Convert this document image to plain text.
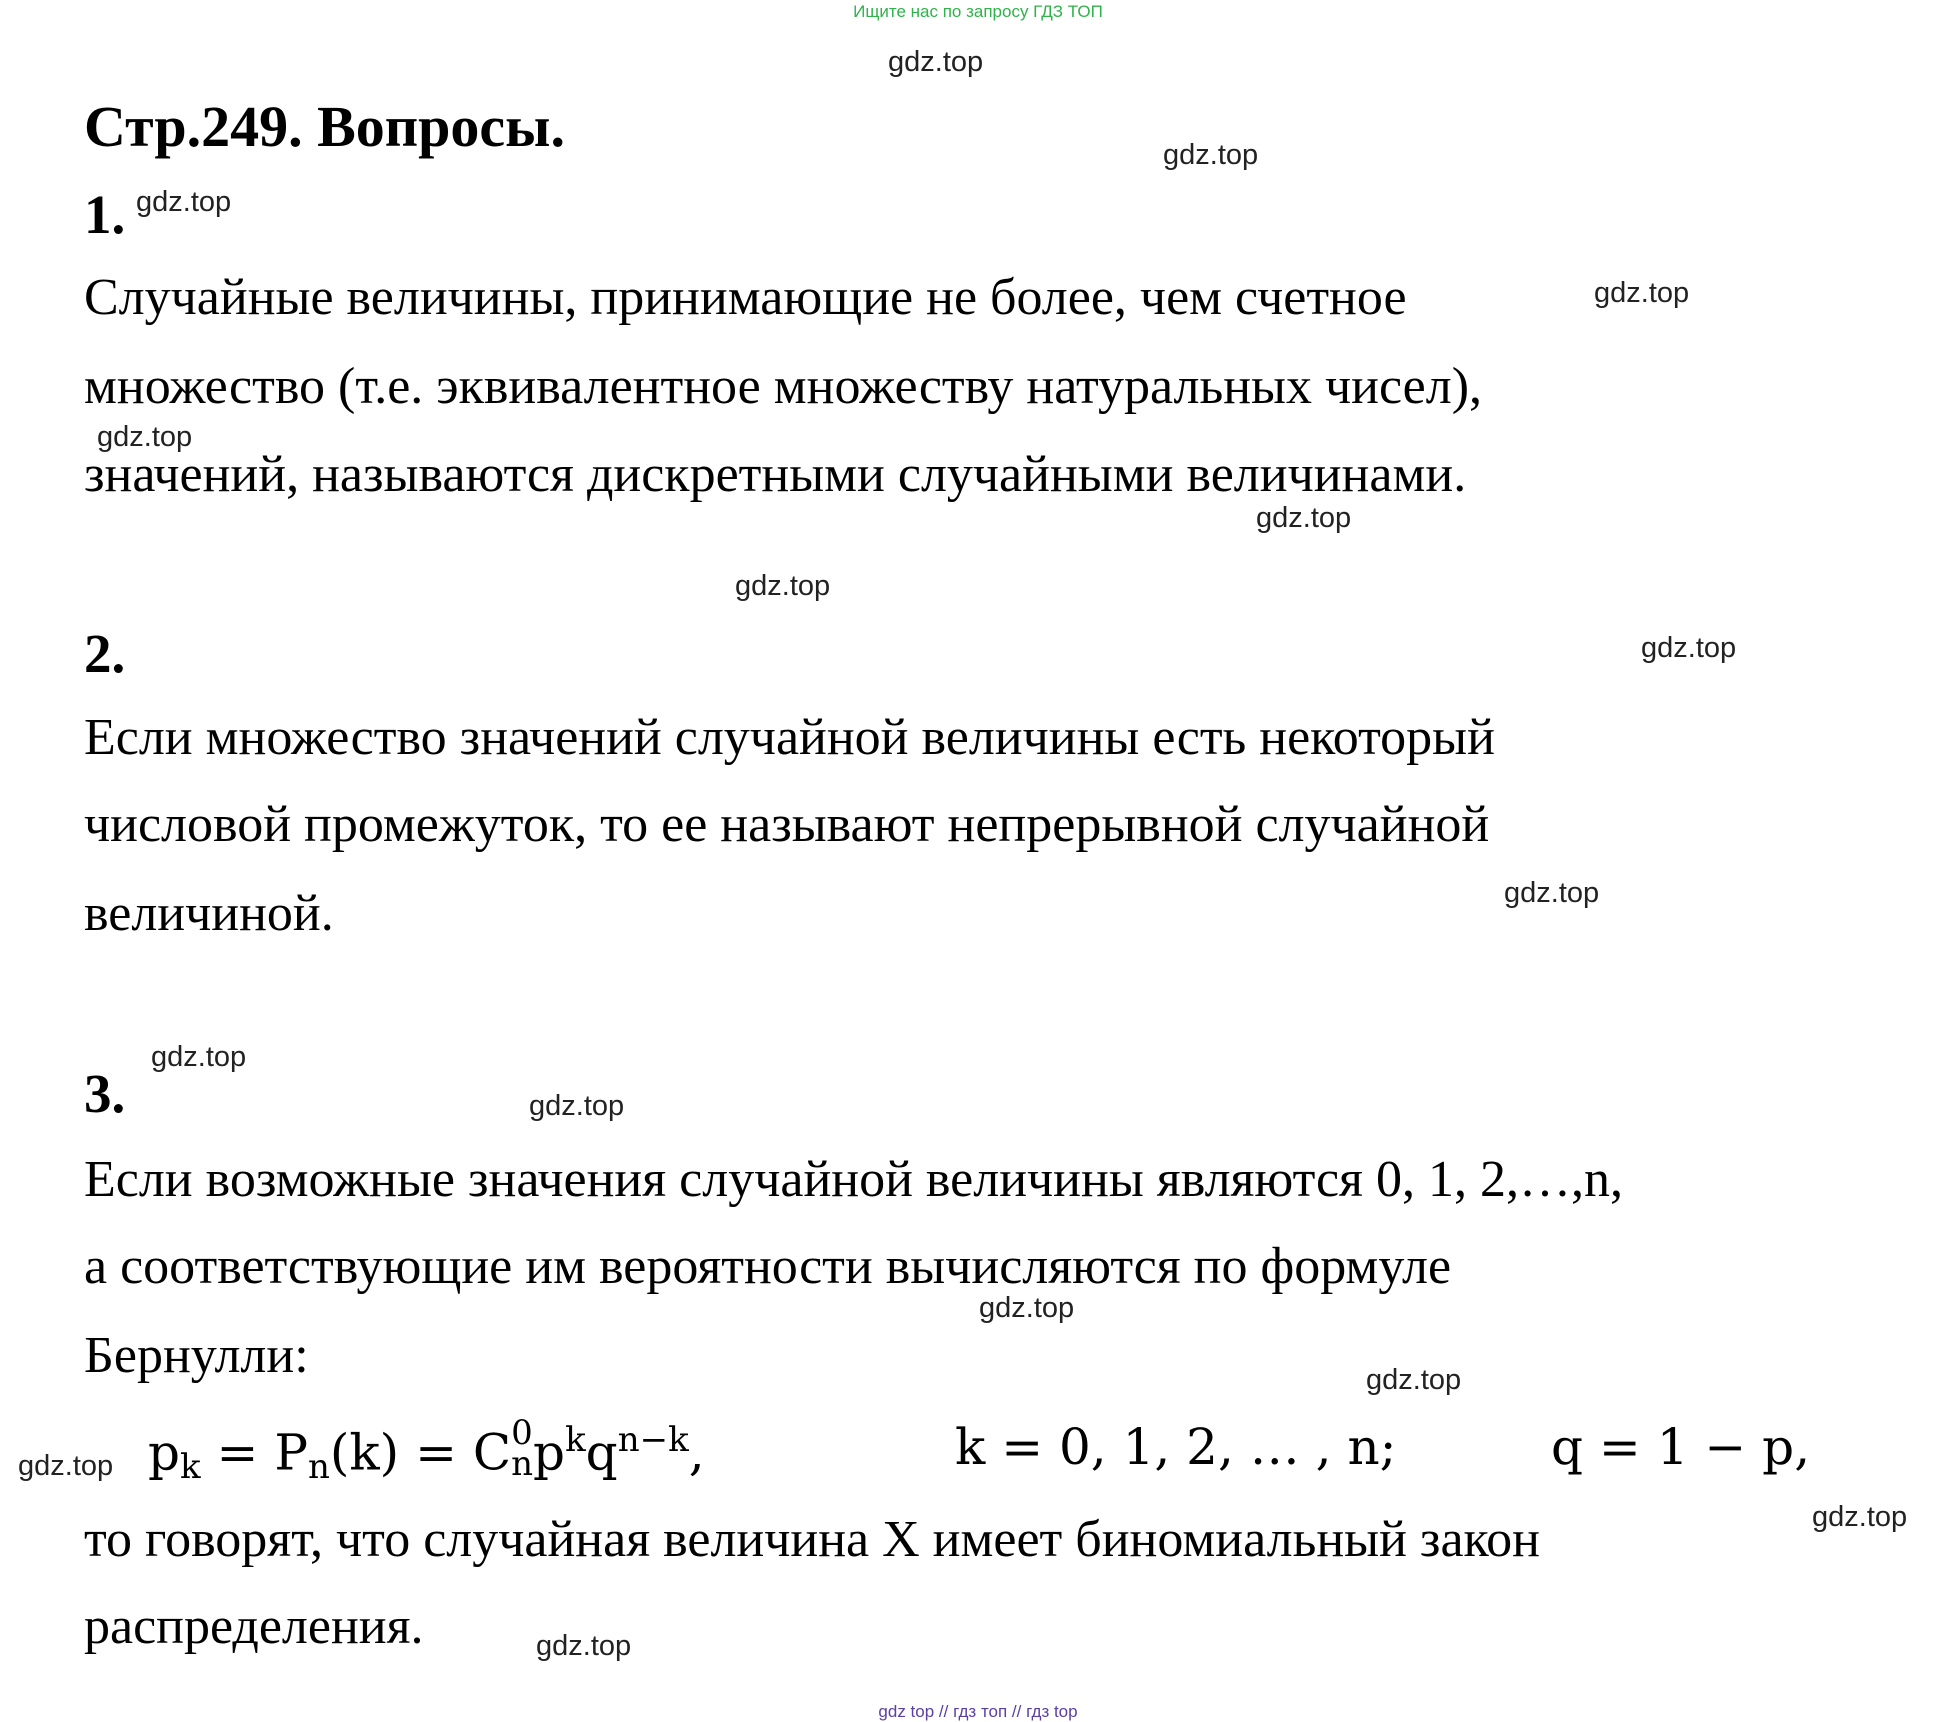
Ищите нас по запросу ГДЗ ТОП
gdz.top
gdz.top
gdz.top
gdz.top
gdz.top
gdz.top
gdz.top
gdz.top
gdz.top
gdz.top
gdz.top
gdz.top
gdz.top
gdz.top
gdz.top
gdz.top
Стр.249. Вопросы.
1.
Случайные величины, принимающие не более, чем счетное
множество (т.е. эквивалентное множеству натуральных чисел),
значений, называются дискретными случайными величинами.
2.
Если множество значений случайной величины есть некоторый
числовой промежуток, то ее называют непрерывной случайной
величиной.
3.
Если возможные значения случайной величины являются 0, 1, 2,…,n,
а соответствующие им вероятности вычисляются по формуле
Бернулли:
$p_k = P_n(k) = C$ 0
n $p^kq^{n-k}$,	k = 0, 1, 2, … , n;	q = 1 − p,
то говорят, что случайная величина X имеет биномиальный закон
распределения.
gdz top // гдз топ // гдз top
